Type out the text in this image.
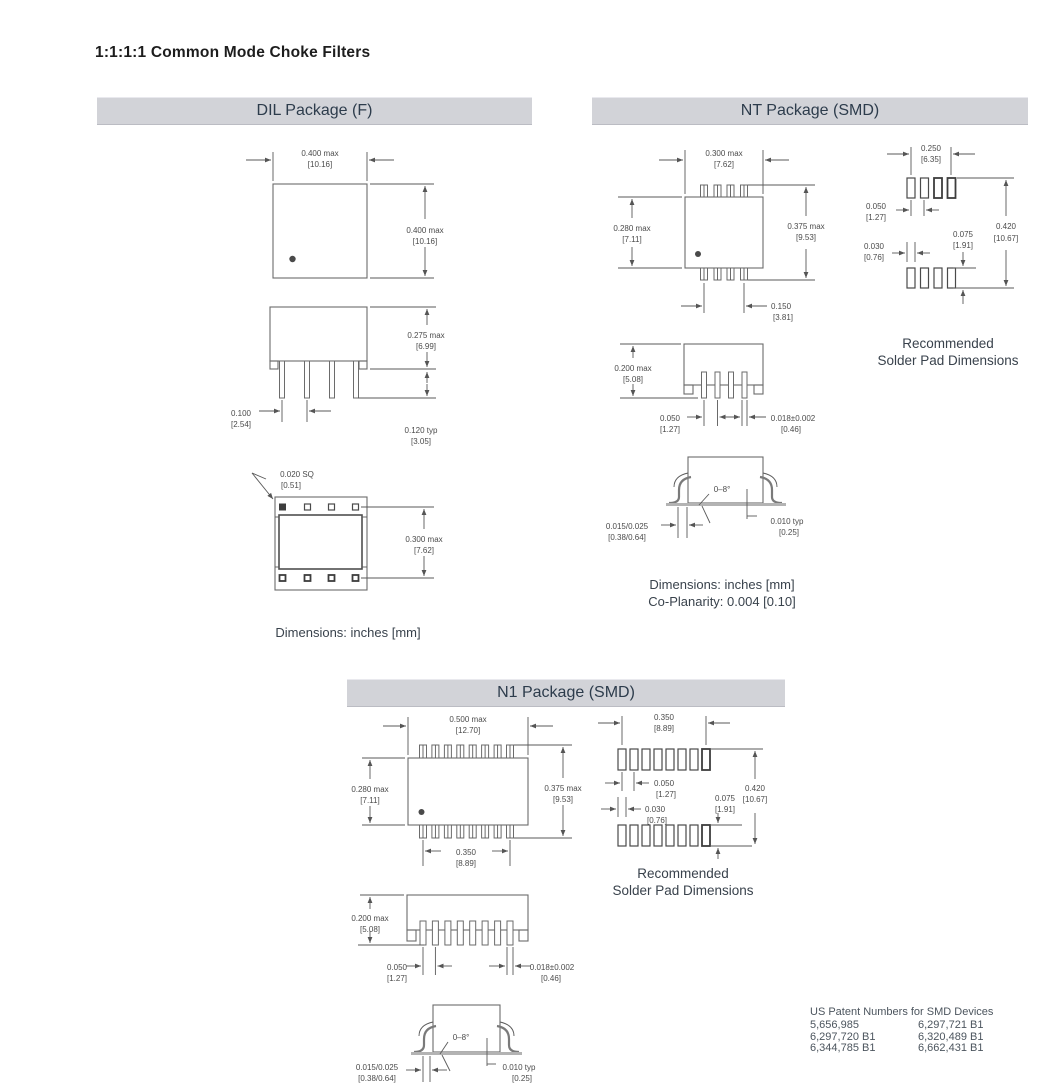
1:1:1:1 Common Mode Choke Filters
DIL Package (F)	NT Package (SMD)
N1 Package (SMD)
0.400 max
[10.16]
0.400 max
[10.16]
0.275 max
[6.99]
0.120 typ
[3.05]
0.100
[2.54]
0.020 SQ
[0.51]
0.300 max
[7.62]
0.300 max
[7.62]
0.280 max
[7.11]
0.375 max
[9.53]
0.150
[3.81]
0.250
[6.35]
0.050
[1.27]
0.030
[0.76]
0.075
[1.91]
0.420
[10.67]
0.200 max
[5.08]
0.050
[1.27]
0.018±0.002
[0.46]
0–8°
0.015/0.025
[0.38/0.64]
0.010 typ
[0.25]
0.500 max
[12.70]
0.280 max
[7.11]
0.375 max
[9.53]
0.350
[8.89]
0.350
[8.89]
0.050
[1.27]
0.030
[0.76]
0.075
[1.91]
0.420
[10.67]
0.200 max
[5.08]
0.050
[1.27]
0.018±0.002
[0.46]
0–8°
0.015/0.025
[0.38/0.64]
0.010 typ
[0.25]
Dimensions: inches [mm]
Recommended
Solder Pad Dimensions
Dimensions: inches [mm]
Co-Planarity: 0.004 [0.10]
Recommended
Solder Pad Dimensions
US Patent Numbers for SMD Devices
5,656,985	6,297,721 B1
6,297,720 B1	6,320,489 B1
6,344,785 B1	6,662,431 B1
